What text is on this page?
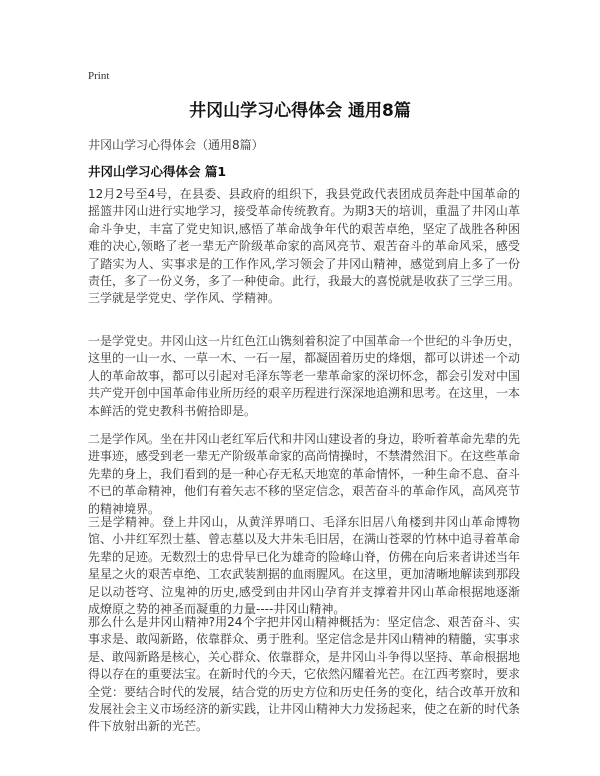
Print
井冈山学习心得体会 通用8篇
井冈山学习心得体会（通用8篇）
井冈山学习心得体会 篇1

12月2号至4号，在县委、县政府的组织下，我县党政代表团成员奔赴中国革命的摇篮井冈山进行实地学习，接受革命传统教育。为期3天的培训，重温了井冈山革命斗争史，丰富了党史知识,感悟了革命战争年代的艰苦卓绝，坚定了战胜各种困难的决心,领略了老一辈无产阶级革命家的高风亮节、艰苦奋斗的革命风采，感受了踏实为人、实事求是的工作作风,学习领会了井冈山精神，感觉到肩上多了一份责任，多了一份义务，多了一种使命。此行，我最大的喜悦就是收获了三学三用。三学就是学党史、学作风、学精神。

一是学党史。井冈山这一片红色江山镌刻着积淀了中国革命一个世纪的斗争历史，这里的一山一水、一草一木、一石一屋，都凝固着历史的烽烟，都可以讲述一个动人的革命故事，都可以引起对毛泽东等老一辈革命家的深切怀念，都会引发对中国共产党开创中国革命伟业所历经的艰辛历程进行深深地追溯和思考。在这里，一本本鲜活的党史教科书俯拾即是。

二是学作风。坐在井冈山老红军后代和井冈山建设者的身边，聆听着革命先辈的先进事迹，感受到老一辈无产阶级革命家的高尚情操时，不禁潸然泪下。在这些革命先辈的身上，我们看到的是一种心存无私天地宽的革命情怀，一种生命不息、奋斗不已的革命精神，他们有着矢志不移的坚定信念，艰苦奋斗的革命作风，高风亮节的精神境界。

三是学精神。登上井冈山，从黄洋界哨口、毛泽东旧居八角楼到井冈山革命博物馆、小井红军烈士墓、曾志墓以及大井朱毛旧居，在满山苍翠的竹林中追寻着革命先辈的足迹。无数烈士的忠骨早已化为雄奇的险峰山脊，仿佛在向后来者讲述当年星星之火的艰苦卓绝、工农武装割据的血雨腥风。在这里，更加清晰地解读到那段足以动苍穹、泣鬼神的历史,感受到由井冈山孕育并支撑着井冈山革命根据地逐渐成燎原之势的神圣而凝重的力量----井冈山精神。

那么什么是井冈山精神?用24个字把井冈山精神概括为：坚定信念、艰苦奋斗、实事求是、敢闯新路，依靠群众、勇于胜利。坚定信念是井冈山精神的精髓，实事求是、敢闯新路是核心，关心群众、依靠群众，是井冈山斗争得以坚持、革命根据地得以存在的重要法宝。在新时代的今天，它依然闪耀着光芒。在江西考察时，要求全党：要结合时代的发展，结合党的历史方位和历史任务的变化，结合改革开放和发展社会主义市场经济的新实践，让井冈山精神大力发扬起来，使之在新的时代条件下放射出新的光芒。
